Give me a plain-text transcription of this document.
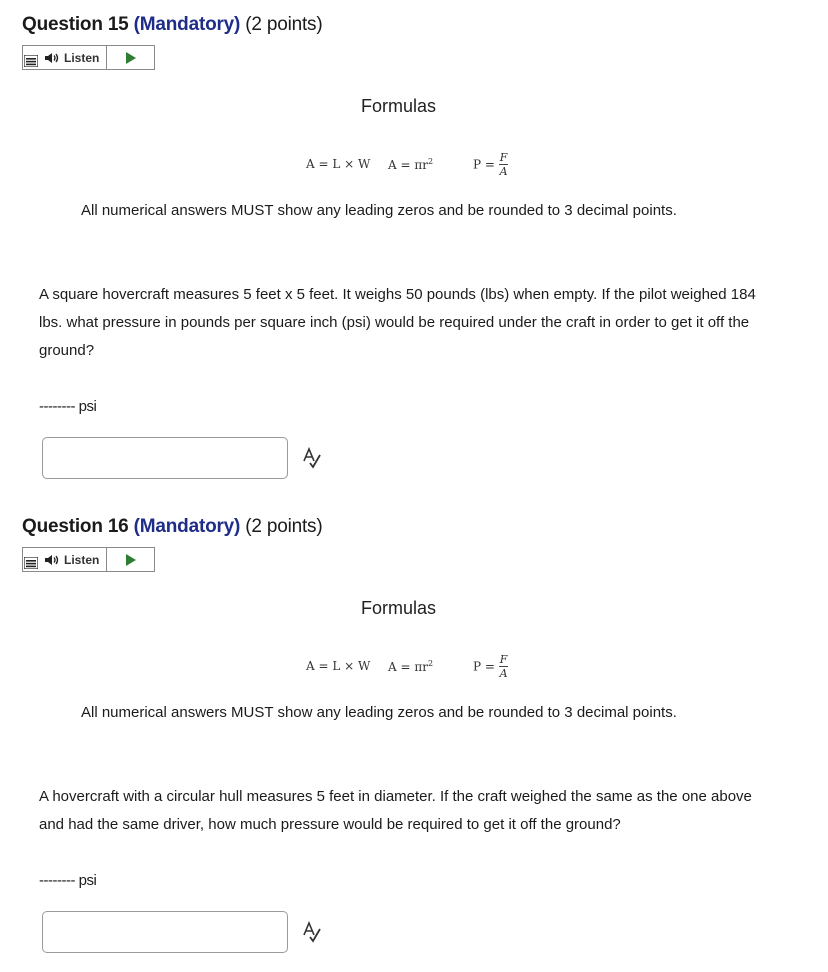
Question 15 (Mandatory) (2 points)
Listen
Formulas
A = L × W $A = \pi r^2$	$P = \frac{F}{A}$
All numerical answers MUST show any leading zeros and be rounded to 3 decimal points.
A square hovercraft measures 5 feet x 5 feet. It weighs 50 pounds (lbs) when empty. If the pilot weighed 184 lbs. what pressure in pounds per square inch (psi) would be required under the craft in order to get it off the ground?
-------- psi
Question 16 (Mandatory) (2 points)
Listen
Formulas
A = L × W $A = \pi r^2$	$P = \frac{F}{A}$
All numerical answers MUST show any leading zeros and be rounded to 3 decimal points.
A hovercraft with a circular hull measures 5 feet in diameter. If the craft weighed the same as the one above and had the same driver, how much pressure would be required to get it off the ground?
-------- psi
